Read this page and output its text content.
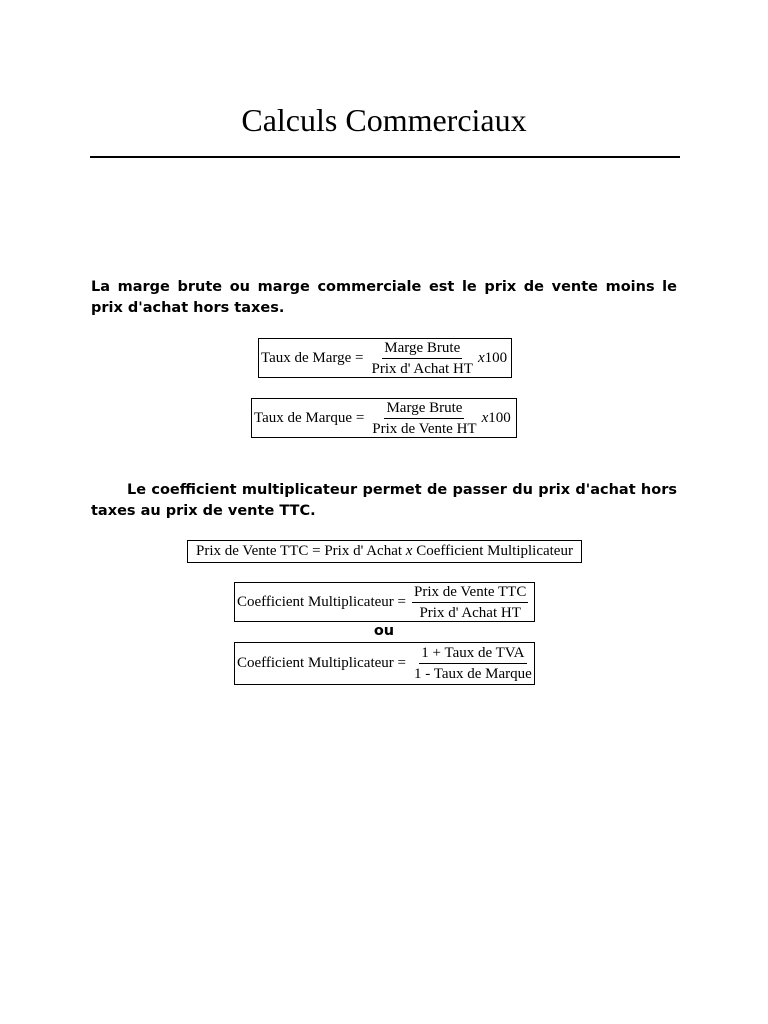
Calculs Commerciaux

La marge brute ou marge commerciale est le prix de vente moins le prix d'achat hors taxes.

Taux de Marge = $\frac{\text{Marge Brute}}{\text{Prix d' Achat HT}} x100$
Taux de Marque = $\frac{\text{Marge Brute}}{\text{Prix de Vente HT}} x100$

Le coefficient multiplicateur permet de passer du prix d'achat hors taxes au prix de vente TTC.

Prix de Vente TTC = Prix d' Achat
x
Coefficient Multiplicateur
Coefficient Multiplicateur = $\frac{\text{Prix de Vente TTC}}{\text{Prix d' Achat HT}}$
ou
Coefficient Multiplicateur = $\frac{\text{1 + Taux de TVA}}{\text{1 - Taux de Marque}}$
